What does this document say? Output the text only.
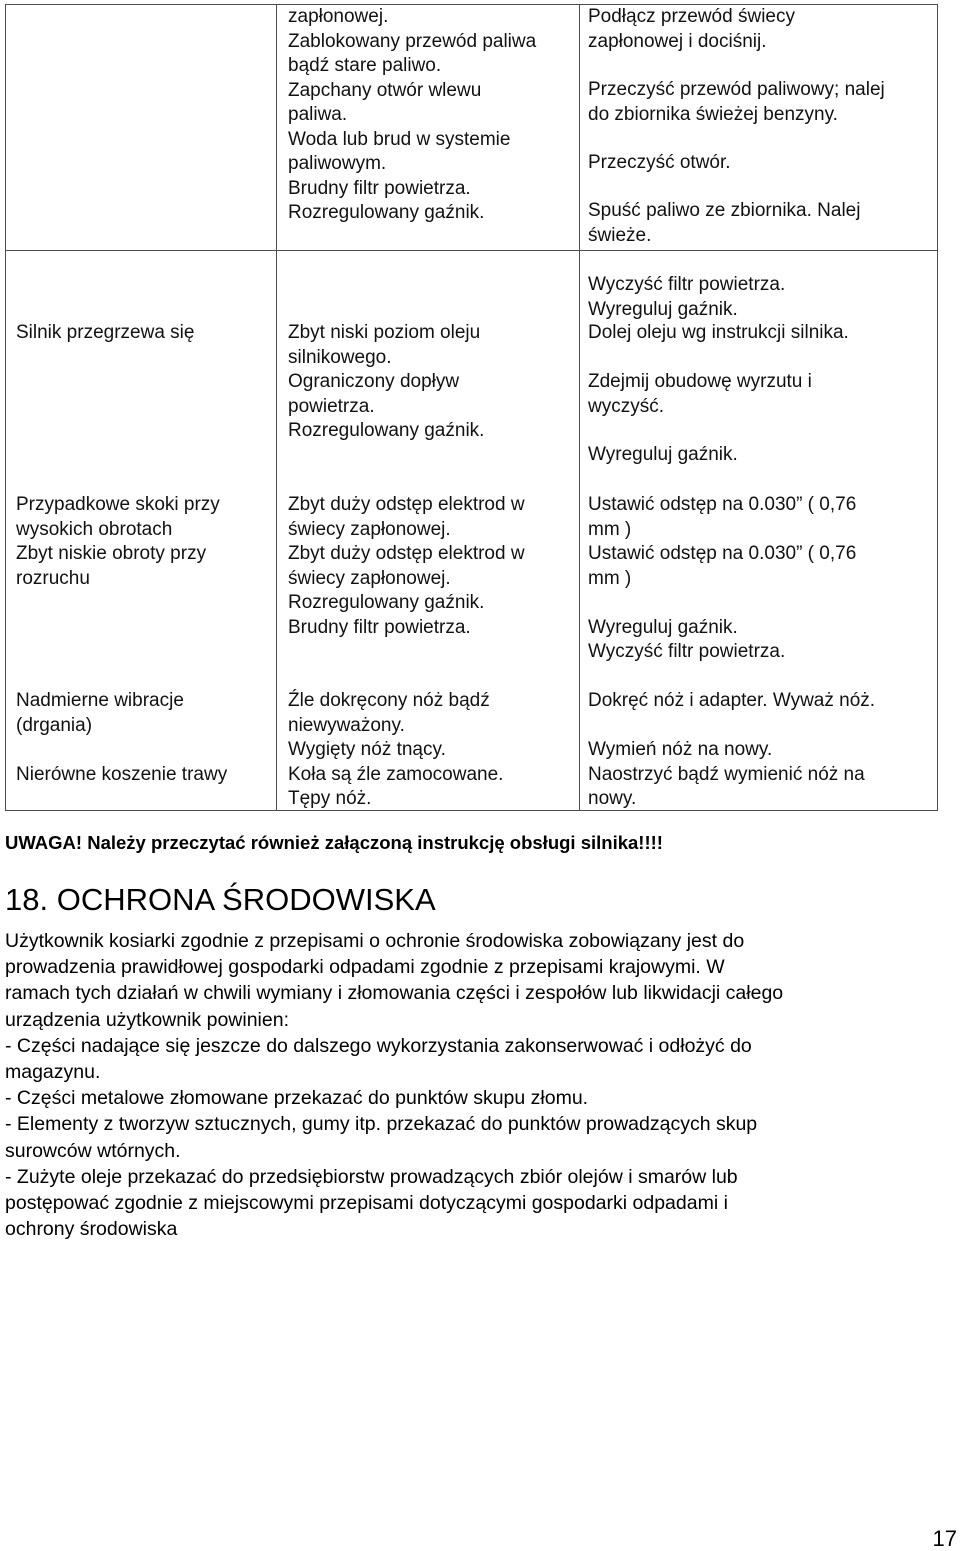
zapłonowej.
Zablokowany przewód paliwa
bądź stare paliwo.
Zapchany otwór wlewu
paliwa.
Woda lub brud w systemie
paliwowym.
Brudny filtr powietrza.
Rozregulowany gaźnik.
Podłącz przewód świecy
zapłonowej i dociśnij.
Przeczyść przewód paliwowy; nalej
do zbiornika świeżej benzyny.
Przeczyść otwór.
Spuść paliwo ze zbiornika. Nalej
świeże.
Wyczyść filtr powietrza.
Wyreguluj gaźnik.
Silnik przegrzewa się	Zbyt niski poziom oleju
silnikowego.
Ograniczony dopływ
powietrza.
Rozregulowany gaźnik.
Dolej oleju wg instrukcji silnika.
Zdejmij obudowę wyrzutu i
wyczyść.
Wyreguluj gaźnik.
Przypadkowe skoki przy
wysokich obrotach
Zbyt niskie obroty przy
rozruchu
Zbyt duży odstęp elektrod w
świecy zapłonowej.
Zbyt duży odstęp elektrod w
świecy zapłonowej.
Rozregulowany gaźnik.
Brudny filtr powietrza.
Ustawić odstęp na 0.030” ( 0,76
mm )
Ustawić odstęp na 0.030” ( 0,76
mm )
Wyreguluj gaźnik.
Wyczyść filtr powietrza.
Nadmierne wibracje
(drgania)
Nierówne koszenie trawy
Źle dokręcony nóż bądź
niewyważony.
Wygięty nóż tnący.
Koła są źle zamocowane.
Tępy nóż.
Dokręć nóż i adapter. Wyważ nóż.
Wymień nóż na nowy.
Naostrzyć bądź wymienić nóż na
nowy.
UWAGA! Należy przeczytać również załączoną instrukcję obsługi silnika!!!!
18. OCHRONA ŚRODOWISKA
Użytkownik kosiarki zgodnie z przepisami o ochronie środowiska zobowiązany jest do
prowadzenia prawidłowej gospodarki odpadami zgodnie z przepisami krajowymi. W
ramach tych działań w chwili wymiany i złomowania części i zespołów lub likwidacji całego
urządzenia użytkownik powinien:
- Części nadające się jeszcze do dalszego wykorzystania zakonserwować i odłożyć do
magazynu.
- Części metalowe złomowane przekazać do punktów skupu złomu.
- Elementy z tworzyw sztucznych, gumy itp. przekazać do punktów prowadzących skup
surowców wtórnych.
- Zużyte oleje przekazać do przedsiębiorstw prowadzących zbiór olejów i smarów lub
postępować zgodnie z miejscowymi przepisami dotyczącymi gospodarki odpadami i
ochrony środowiska
17
